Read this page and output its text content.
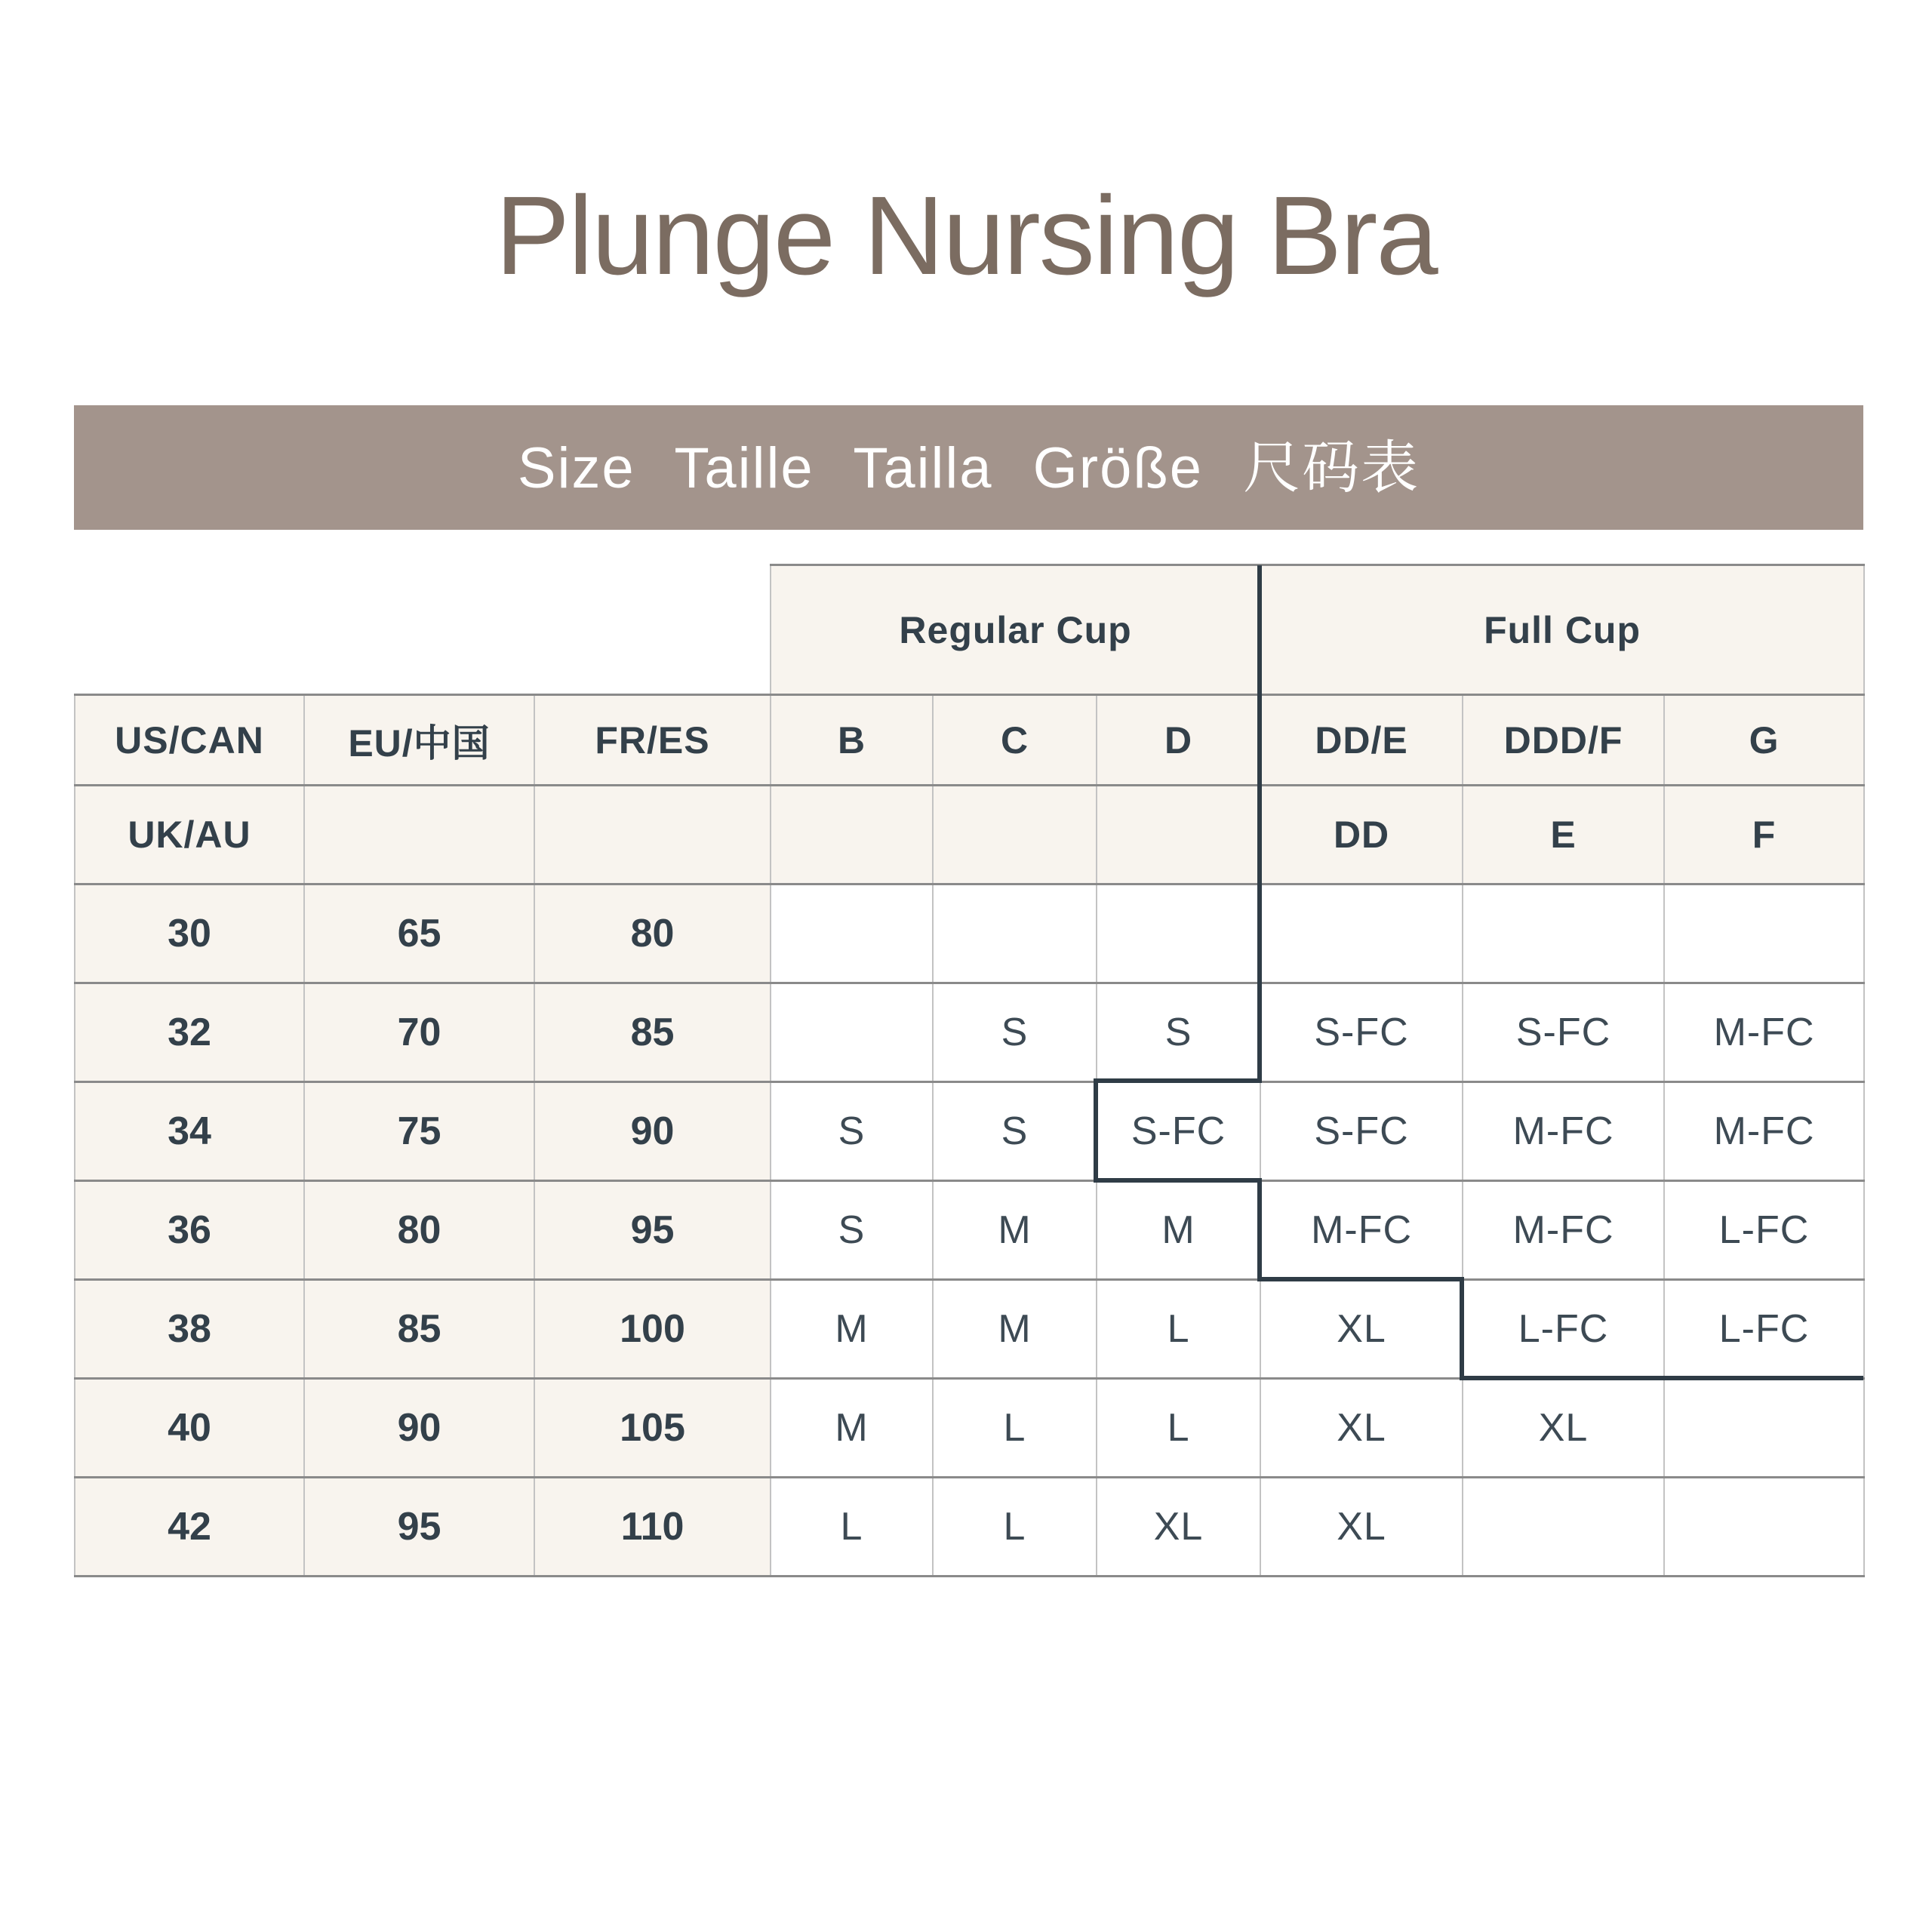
Plunge Nursing Bra
Size Taille Tailla Größe 尺码表
			Regular Cup			Full Cup		
US/CAN	EU/中国	FR/ES	B	C	D	DD/E	DDD/F	G
UK/AU						DD	E	F
30	65	80						
32	70	85		S	S	S-FC	S-FC	M-FC
34	75	90	S	S	S-FC	S-FC	M-FC	M-FC
36	80	95	S	M	M	M-FC	M-FC	L-FC
38	85	100	M	M	L	XL	L-FC	L-FC
40	90	105	M	L	L	XL	XL	
42	95	110	L	L	XL	XL		
